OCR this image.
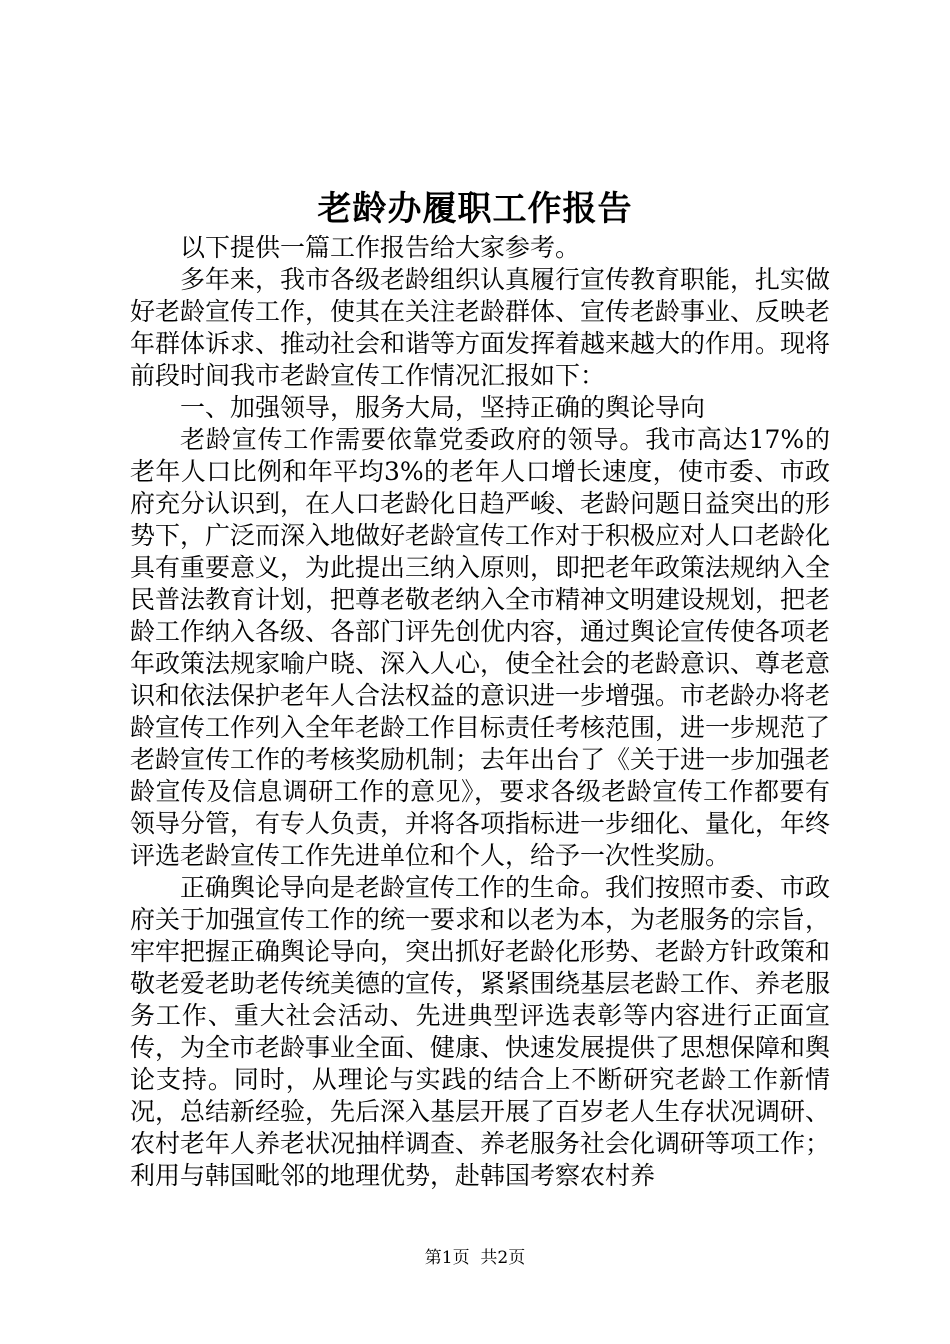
老龄办履职工作报告

以下提供一篇工作报告给大家参考。

多年来，我市各级老龄组织认真履行宣传教育职能，扎实做好老龄宣传工作，使其在关注老龄群体、宣传老龄事业、反映老年群体诉求、推动社会和谐等方面发挥着越来越大的作用。现将前段时间我市老龄宣传工作情况汇报如下：

一、加强领导，服务大局，坚持正确的舆论导向

老龄宣传工作需要依靠党委政府的领导。我市高达17%的老年人口比例和年平均3%的老年人口增长速度，使市委、市政府充分认识到，在人口老龄化日趋严峻、老龄问题日益突出的形势下，广泛而深入地做好老龄宣传工作对于积极应对人口老龄化具有重要意义，为此提出三纳入原则，即把老年政策法规纳入全民普法教育计划，把尊老敬老纳入全市精神文明建设规划，把老龄工作纳入各级、各部门评先创优内容，通过舆论宣传使各项老年政策法规家喻户晓、深入人心，使全社会的老龄意识、尊老意识和依法保护老年人合法权益的意识进一步增强。市老龄办将老龄宣传工作列入全年老龄工作目标责任考核范围，进一步规范了老龄宣传工作的考核奖励机制；去年出台了《关于进一步加强老龄宣传及信息调研工作的意见》，要求各级老龄宣传工作都要有领导分管，有专人负责，并将各项指标进一步细化、量化，年终评选老龄宣传工作先进单位和个人，给予一次性奖励。

正确舆论导向是老龄宣传工作的生命。我们按照市委、市政府关于加强宣传工作的统一要求和以老为本，为老服务的宗旨，牢牢把握正确舆论导向，突出抓好老龄化形势、老龄方针政策和敬老爱老助老传统美德的宣传，紧紧围绕基层老龄工作、养老服务工作、重大社会活动、先进典型评选表彰等内容进行正面宣传，为全市老龄事业全面、健康、快速发展提供了思想保障和舆论支持。同时，从理论与实践的结合上不断研究老龄工作新情况，总结新经验，先后深入基层开展了百岁老人生存状况调研、农村老年人养老状况抽样调查、养老服务社会化调研等项工作；利用与韩国毗邻的地理优势，赴韩国考察农村养

第1页  共2页
